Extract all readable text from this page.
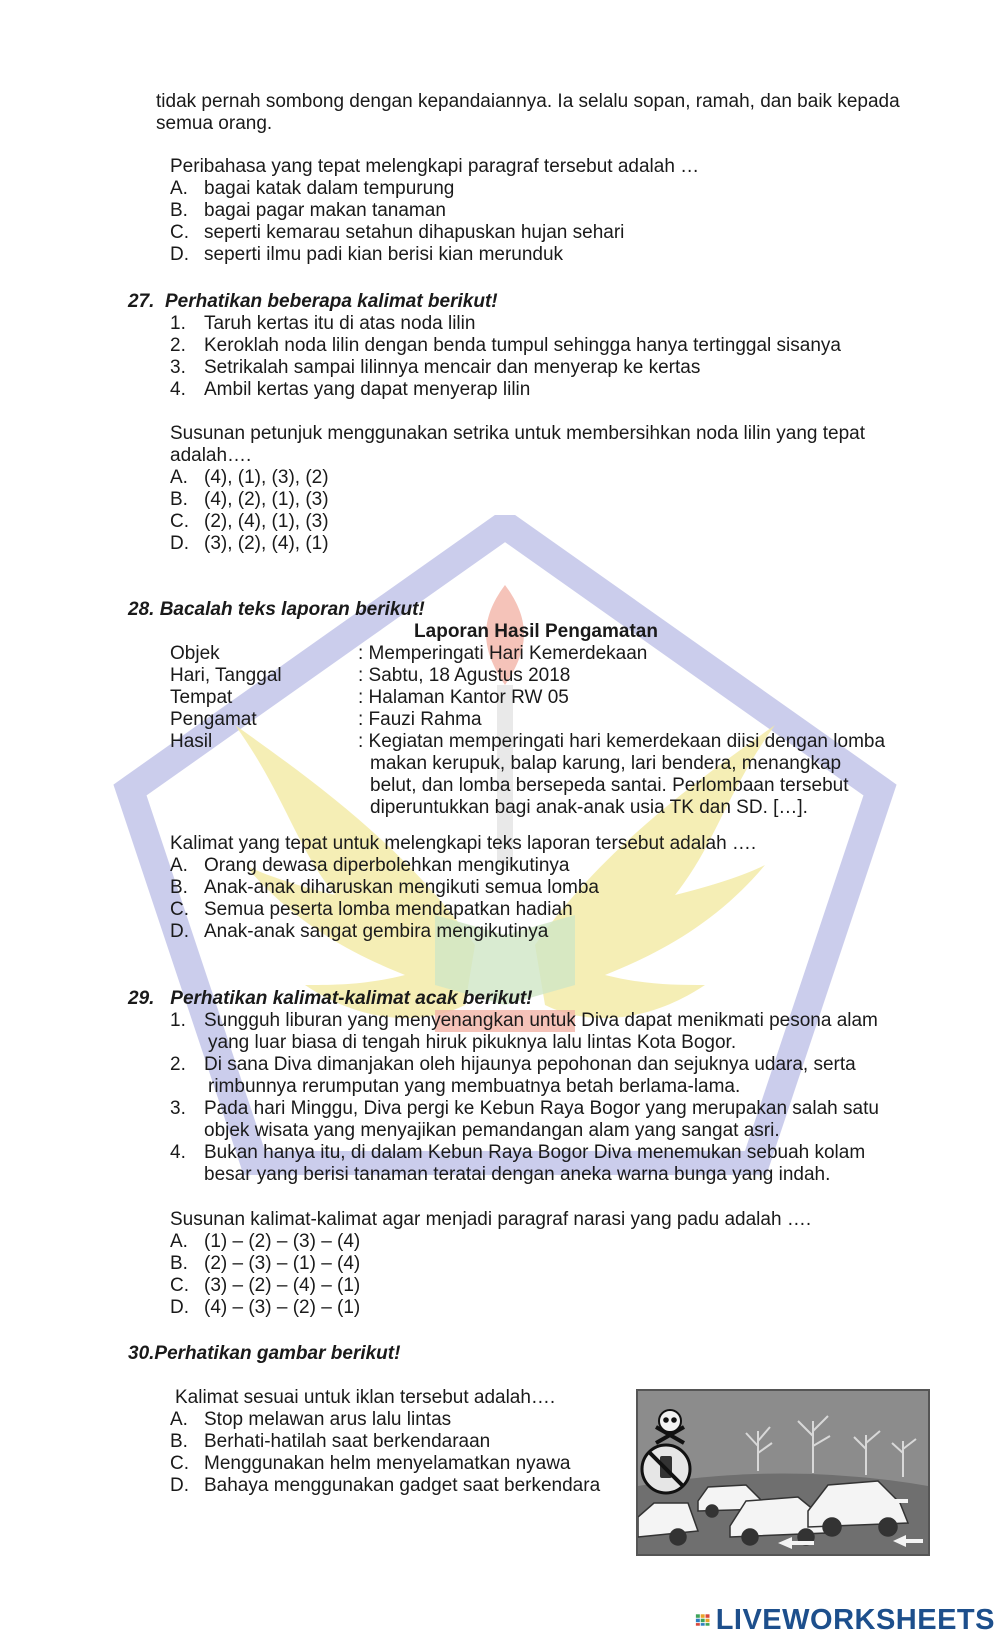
tidak pernah sombong dengan kepandaiannya. Ia selalu sopan, ramah, dan baik kepada
semua orang.
Peribahasa yang tepat melengkapi paragraf tersebut adalah …
A. bagai katak dalam tempurung
B. bagai pagar makan tanaman
C. seperti kemarau setahun dihapuskan hujan sehari
D. seperti ilmu padi kian berisi kian merunduk
27. Perhatikan beberapa kalimat berikut!
1. Taruh kertas itu di atas noda lilin
2. Keroklah noda lilin dengan benda tumpul sehingga hanya tertinggal sisanya
3. Setrikalah sampai lilinnya mencair dan menyerap ke kertas
4. Ambil kertas yang dapat menyerap lilin
Susunan petunjuk menggunakan setrika untuk membersihkan noda lilin yang tepat
adalah….
A. (4), (1), (3), (2)
B. (4), (2), (1), (3)
C. (2), (4), (1), (3)
D. (3), (2), (4), (1)
28. Bacalah teks laporan berikut!
Laporan Hasil Pengamatan
Objek	: Memperingati Hari Kemerdekaan
Hari, Tanggal	: Sabtu, 18 Agustus 2018
Tempat	: Halaman Kantor RW 05
Pengamat	: Fauzi Rahma
Hasil	: Kegiatan memperingati hari kemerdekaan diisi dengan lomba
makan kerupuk, balap karung, lari bendera, menangkap
belut, dan lomba bersepeda santai. Perlombaan tersebut
diperuntukkan bagi anak-anak usia TK dan SD. […].
Kalimat yang tepat untuk melengkapi teks laporan tersebut adalah ….
A. Orang dewasa diperbolehkan mengikutinya
B. Anak-anak diharuskan mengikuti semua lomba
C. Semua peserta lomba mendapatkan hadiah
D. Anak-anak sangat gembira mengikutinya
29. Perhatikan kalimat-kalimat acak berikut!
1. Sungguh liburan yang menyenangkan untuk Diva dapat menikmati pesona alam
yang luar biasa di tengah hiruk pikuknya lalu lintas Kota Bogor.
2. Di sana Diva dimanjakan oleh hijaunya pepohonan dan sejuknya udara, serta
rimbunnya rerumputan yang membuatnya betah berlama-lama.
3. Pada hari Minggu, Diva pergi ke Kebun Raya Bogor yang merupakan salah satu
objek wisata yang menyajikan pemandangan alam yang sangat asri.
4. Bukan hanya itu, di dalam Kebun Raya Bogor Diva menemukan sebuah kolam
besar yang berisi tanaman teratai dengan aneka warna bunga yang indah.
Susunan kalimat-kalimat agar menjadi paragraf narasi yang padu adalah ….
A. (1) – (2) – (3) – (4)
B. (2) – (3) – (1) – (4)
C. (3) – (2) – (4) – (1)
D. (4) – (3) – (2) – (1)
30.Perhatikan gambar berikut!
Kalimat sesuai untuk iklan tersebut adalah….
A. Stop melawan arus lalu lintas
B. Berhati-hatilah saat berkendaraan
C. Menggunakan helm menyelamatkan nyawa
D. Bahaya menggunakan gadget saat berkendara
LIVEWORKSHEETS
